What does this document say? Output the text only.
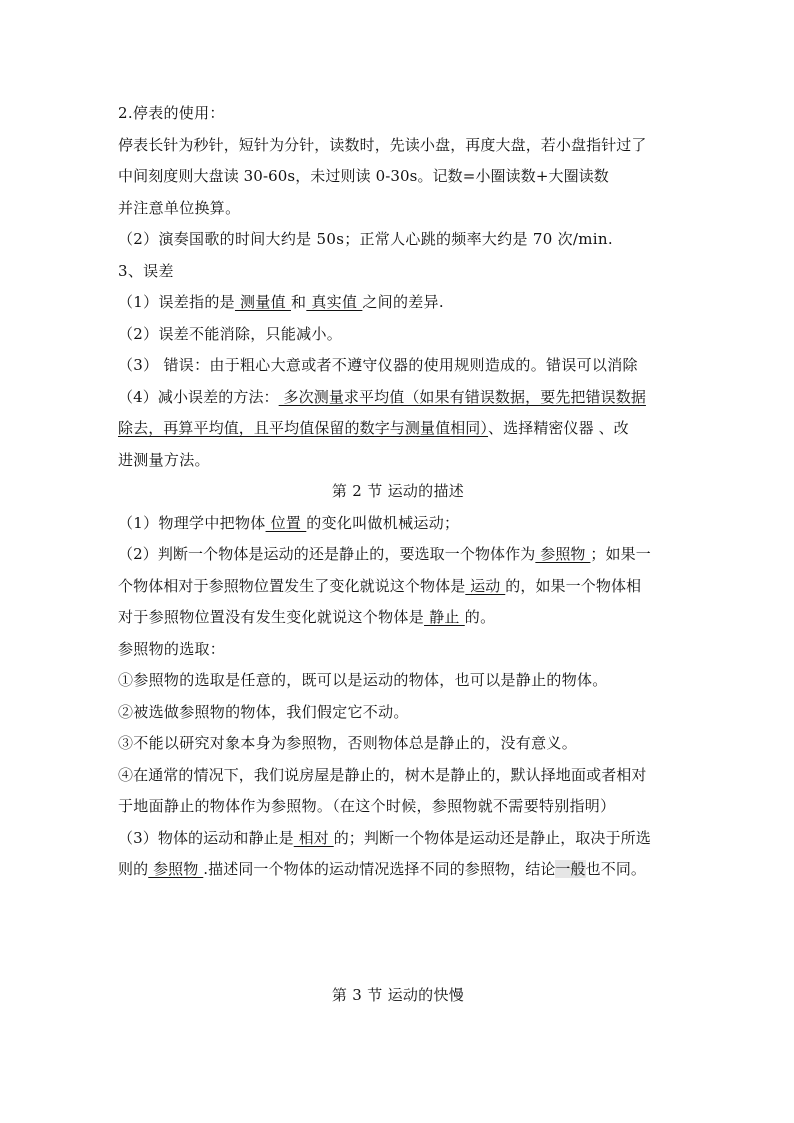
2.停表的使用：
停表长针为秒针，短针为分针，读数时，先读小盘，再度大盘，若小盘指针过了
中间刻度则大盘读 30-60s，未过则读 0-30s。记数=小圈读数+大圈读数
并注意单位换算。
（2）演奏国歌的时间大约是 50s；正常人心跳的频率大约是 70 次/min.
3、误差
（1）误差指的是 测量值 和 真实值 之间的差异.
（2）误差不能消除，只能减小。
（3） 错误：由于粗心大意或者不遵守仪器的使用规则造成的。错误可以消除
（4）减小误差的方法： 多次测量求平均值（如果有错误数据，要先把错误数据
除去，再算平均值，且平均值保留的数字与测量值相同）、选择精密仪器 、改
进测量方法。
第 2 节 运动的描述
（1）物理学中把物体 位置 的变化叫做机械运动；
（2）判断一个物体是运动的还是静止的，要选取一个物体作为 参照物 ；如果一
个物体相对于参照物位置发生了变化就说这个物体是 运动 的，如果一个物体相
对于参照物位置没有发生变化就说这个物体是 静止 的。
参照物的选取：
①参照物的选取是任意的，既可以是运动的物体，也可以是静止的物体。
②被选做参照物的物体，我们假定它不动。
③不能以研究对象本身为参照物，否则物体总是静止的，没有意义。
④在通常的情况下，我们说房屋是静止的，树木是静止的，默认择地面或者相对
于地面静止的物体作为参照物。（在这个时候，参照物就不需要特别指明）
（3）物体的运动和静止是 相对 的；判断一个物体是运动还是静止，取决于所选
则的 参照物 .描述同一个物体的运动情况选择不同的参照物，结论一般也不同。
第 3 节 运动的快慢
